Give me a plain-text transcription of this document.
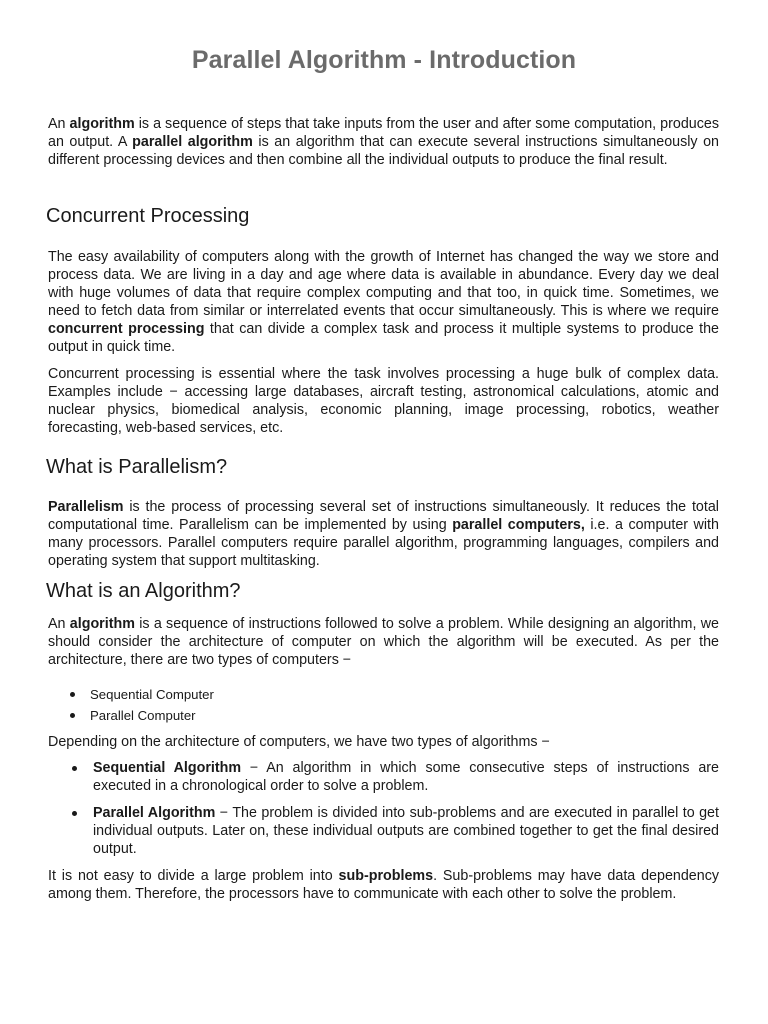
Parallel Algorithm - Introduction

An algorithm is a sequence of steps that take inputs from the user and after some computation, produces an output. A parallel algorithm is an algorithm that can execute several instructions simultaneously on different processing devices and then combine all the individual outputs to produce the final result.

Concurrent Processing

The easy availability of computers along with the growth of Internet has changed the way we store and process data. We are living in a day and age where data is available in abundance. Every day we deal with huge volumes of data that require complex computing and that too, in quick time. Sometimes, we need to fetch data from similar or interrelated events that occur simultaneously. This is where we require concurrent processing that can divide a complex task and process it multiple systems to produce the output in quick time.

Concurrent processing is essential where the task involves processing a huge bulk of complex data. Examples include − accessing large databases, aircraft testing, astronomical calculations, atomic and nuclear physics, biomedical analysis, economic planning, image processing, robotics, weather forecasting, web-based services, etc.

What is Parallelism?

Parallelism is the process of processing several set of instructions simultaneously. It reduces the total computational time. Parallelism can be implemented by using parallel computers, i.e. a computer with many processors. Parallel computers require parallel algorithm, programming languages, compilers and operating system that support multitasking.

What is an Algorithm?

An algorithm is a sequence of instructions followed to solve a problem. While designing an algorithm, we should consider the architecture of computer on which the algorithm will be executed. As per the architecture, there are two types of computers −

Sequential Computer
Parallel Computer

Depending on the architecture of computers, we have two types of algorithms −

Sequential Algorithm − An algorithm in which some consecutive steps of instructions are executed in a chronological order to solve a problem.
Parallel Algorithm − The problem is divided into sub-problems and are executed in parallel to get individual outputs. Later on, these individual outputs are combined together to get the final desired output.

It is not easy to divide a large problem into sub-problems. Sub-problems may have data dependency among them. Therefore, the processors have to communicate with each other to solve the problem.
